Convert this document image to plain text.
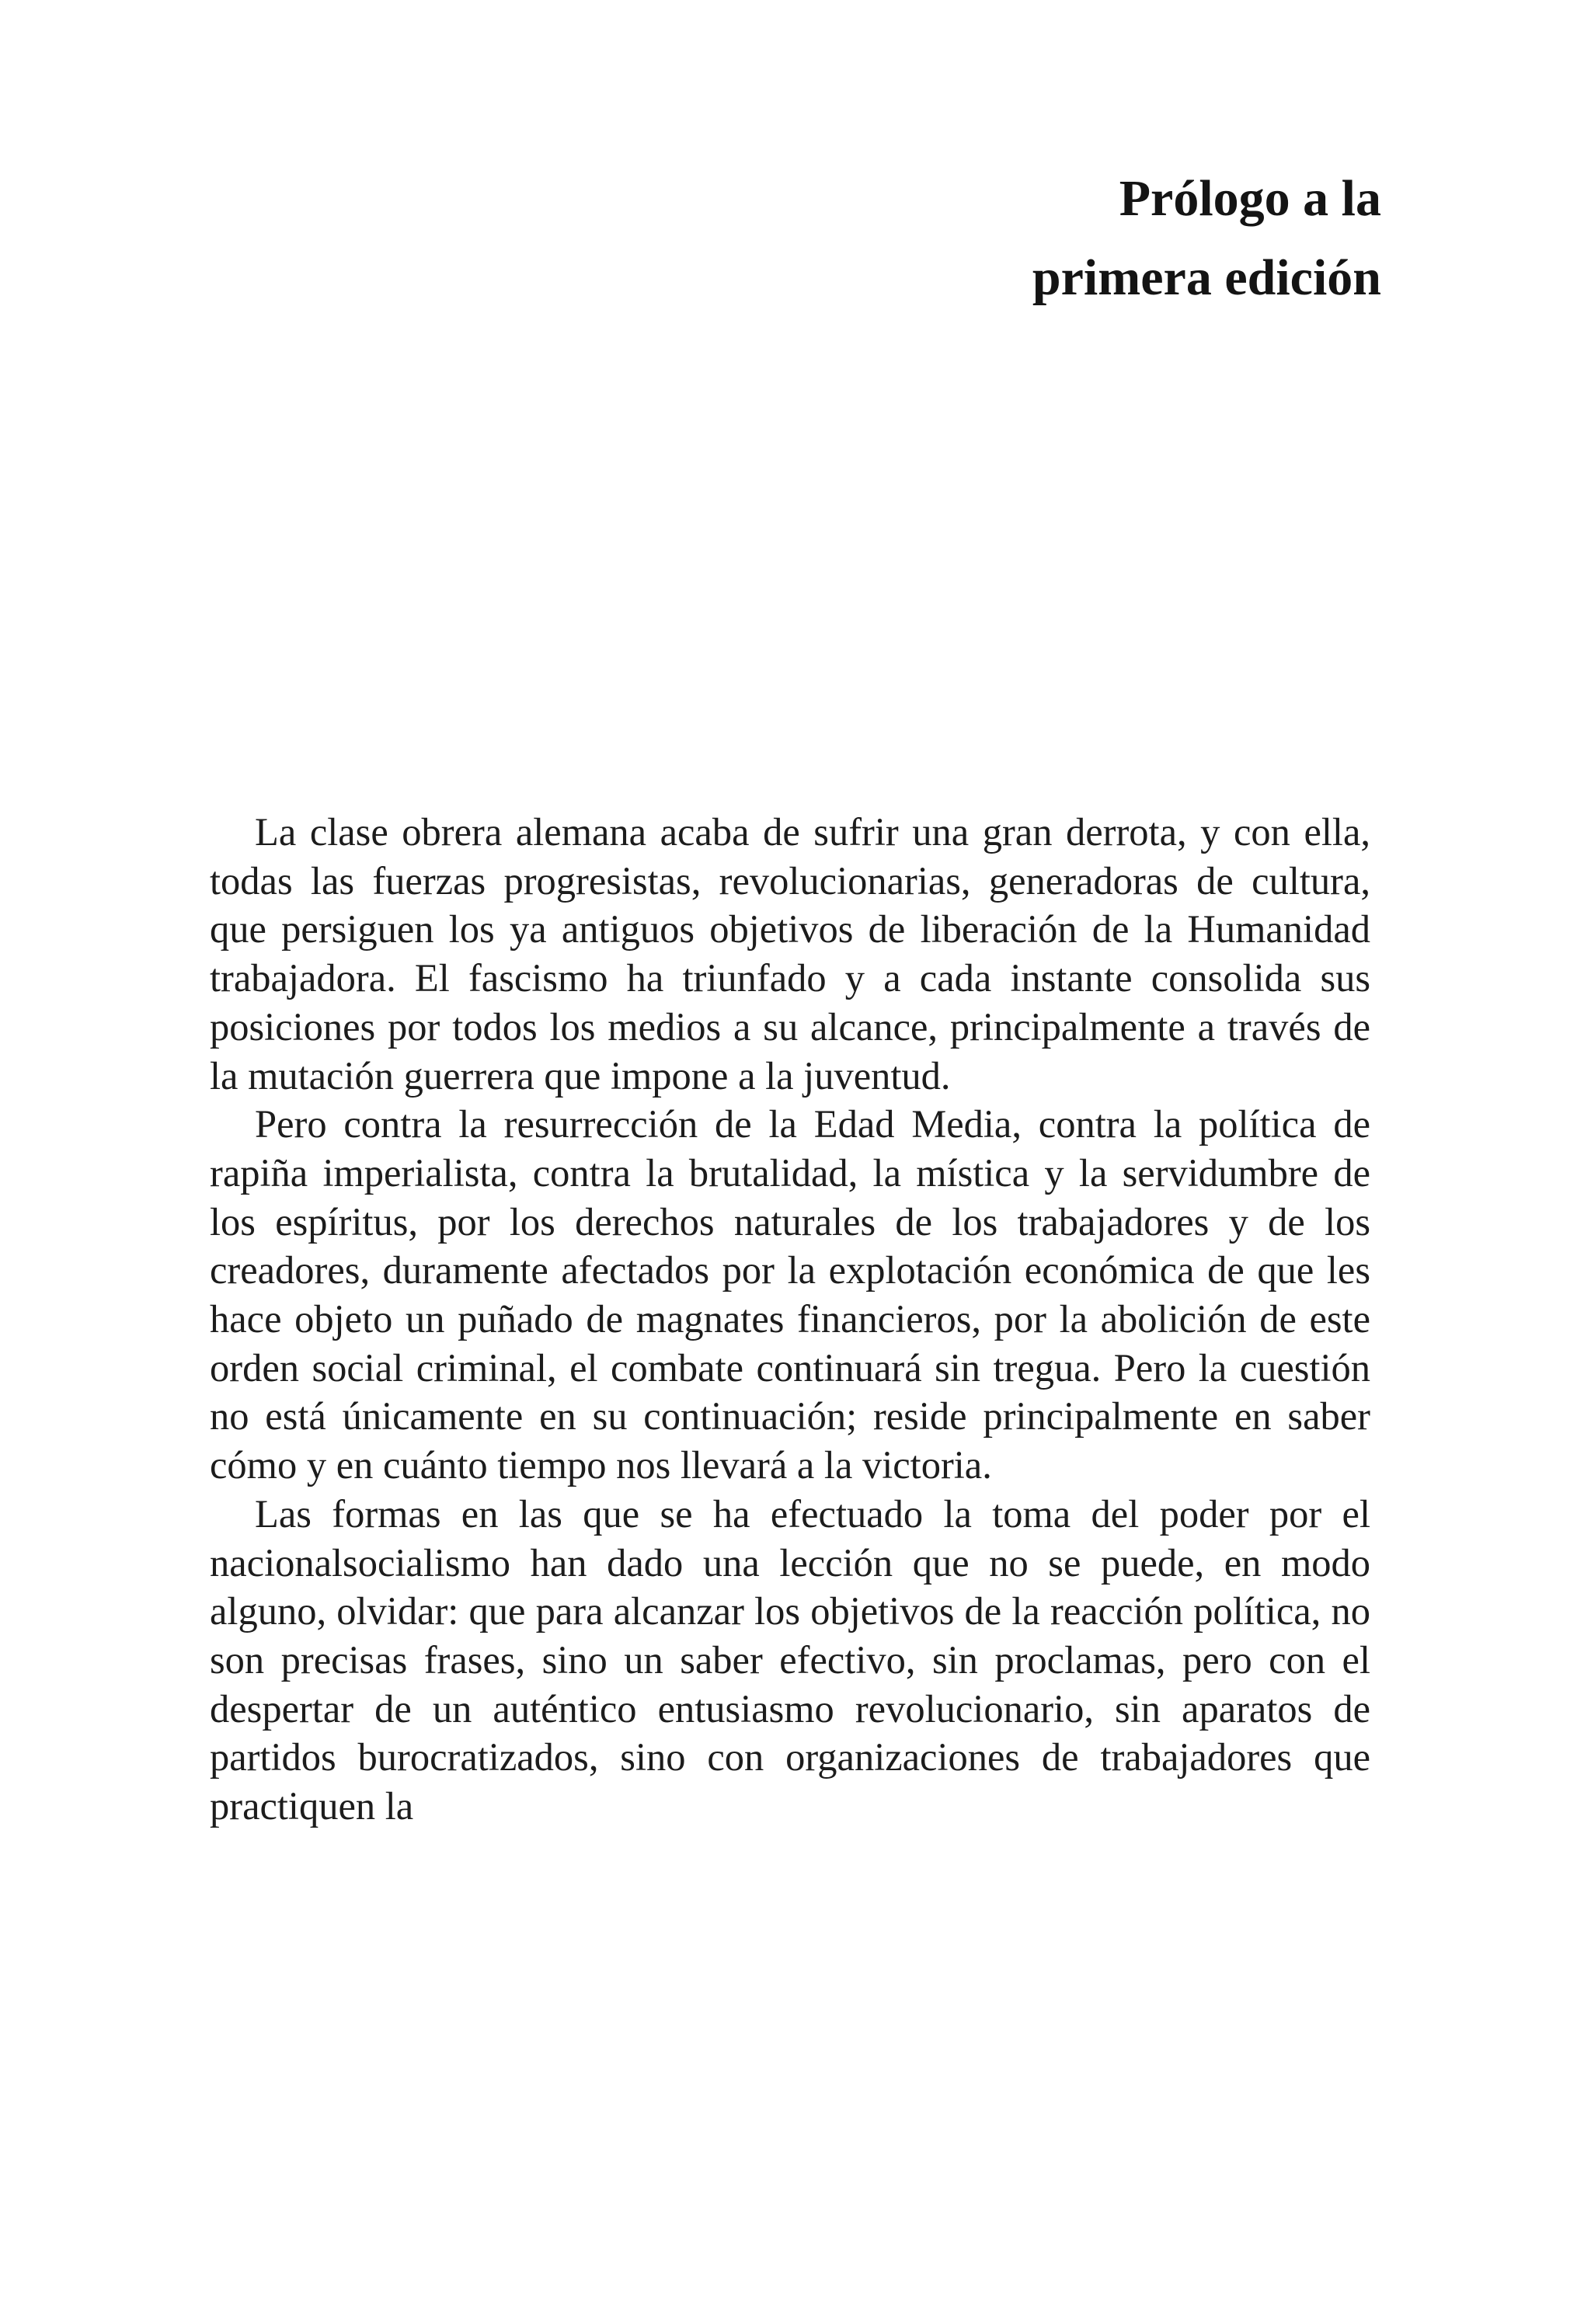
Prólogo a la
primera edición

La clase obrera alemana acaba de sufrir una gran derrota, y con ella, todas las fuerzas progresistas, revolucionarias, generadoras de cultura, que persiguen los ya antiguos objetivos de liberación de la Humanidad trabajadora. El fascismo ha triunfado y a cada instante consolida sus posiciones por todos los medios a su alcance, principalmente a través de la mutación guerrera que impone a la juventud.

Pero contra la resurrección de la Edad Media, contra la política de rapiña imperialista, contra la brutalidad, la mística y la servidumbre de los espíritus, por los derechos naturales de los trabajadores y de los creadores, duramente afectados por la explotación económica de que les hace objeto un puñado de magnates financieros, por la abolición de este orden social criminal, el combate continuará sin tregua. Pero la cuestión no está únicamente en su continuación; reside principalmente en saber cómo y en cuánto tiempo nos llevará a la victoria.

Las formas en las que se ha efectuado la toma del poder por el nacionalsocialismo han dado una lección que no se puede, en modo alguno, olvidar: que para alcanzar los objetivos de la reacción política, no son precisas frases, sino un saber efectivo, sin proclamas, pero con el despertar de un auténtico entusiasmo revolucionario, sin aparatos de partidos burocratizados, sino con organizaciones de trabajadores que practiquen la
